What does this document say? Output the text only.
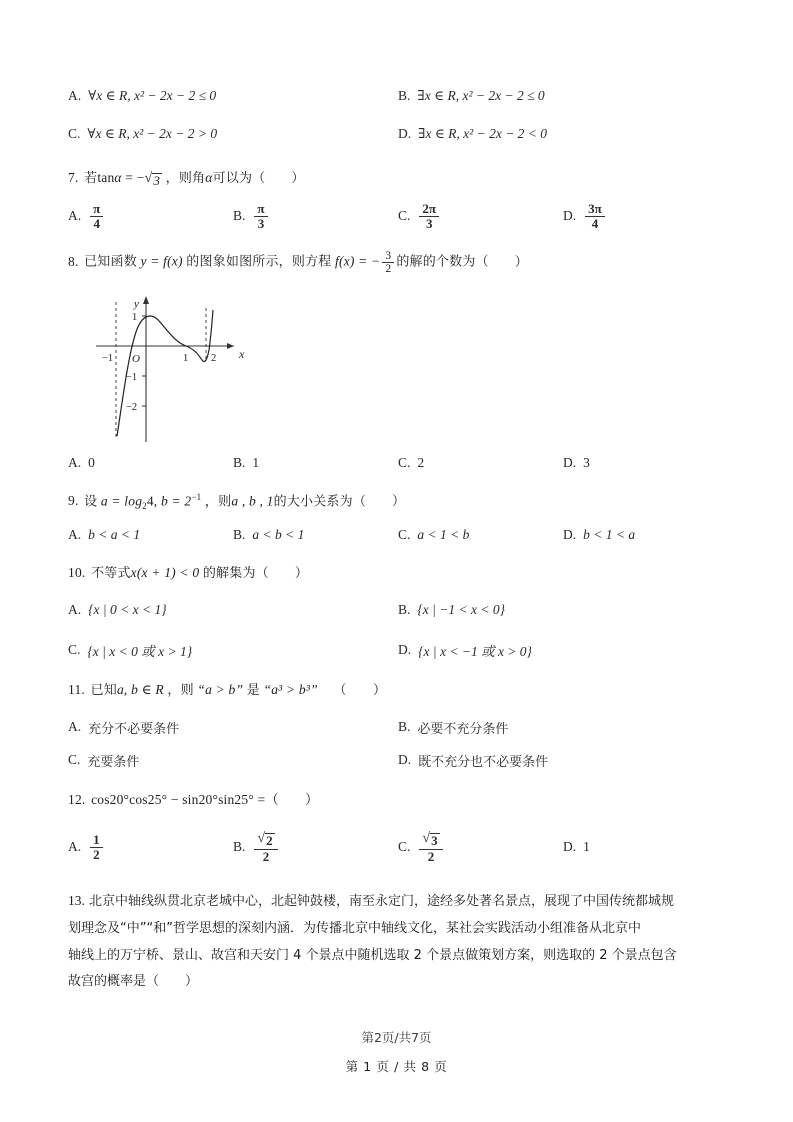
A. ∀x ∈ R, x² − 2x − 2 ≤ 0	B. ∃x ∈ R, x² − 2x − 2 ≤ 0
C. ∀x ∈ R, x² − 2x − 2 > 0	D. ∃x ∈ R, x² − 2x − 2 < 0
7. 若tanα = − √ 3 ，则角α可以为（ ）
A. $\frac{\pi}{4}$	B. $\frac{\pi}{3}$	C. $\frac{2\pi}{3}$	D. $\frac{3\pi}{4}$
8. 已知函数 y = f(x) 的图象如图所示，则方程 f(x) = − $\frac{3}{2}$ 的解的个数为（ ）
y
x
O
1
−1
−2
−1	1 2
A. 0	B. 1	C. 2	D. 3
9. 设 $a = \log_24$, $b = 2^{-1}$ ，则a , b , 1的大小关系为（ ）
A. b < a < 1	B. a < b < 1	C. a < 1 < b	D. b < 1 < a
10. 不等式x(x + 1) < 0 的解集为（ ）
A. {x | 0 < x < 1}	B. {x | −1 < x < 0}
C. {x | x < 0 或 x > 1}	D. {x | x < −1 或 x > 0}
11. 已知a, b ∈ R ，则 “a > b” 是 “a³ > b³” （　　）
A. 充分不必要条件	B. 必要不充分条件
C. 充要条件	D. 既不充分也不必要条件
12. cos20°cos25° − sin20°sin25° =（ ）
A. $\frac{1}{2}$	B. $\frac{√ 2}{2}$	C. $\frac{√ 3}{2}$	D. 1
13. 北京中轴线纵贯北京老城中心，北起钟鼓楼，南至永定门，途经多处著名景点，展现了中国传统都城规
划理念及“中”“和”哲学思想的深刻内涵．为传播北京中轴线文化，某社会实践活动小组准备从北京中
轴线上的万宁桥、景山、故宫和天安门 4 个景点中随机选取 2 个景点做策划方案，则选取的 2 个景点包含
故宫的概率是（　　）
第2页/共7页
第 1 页 / 共 8 页
